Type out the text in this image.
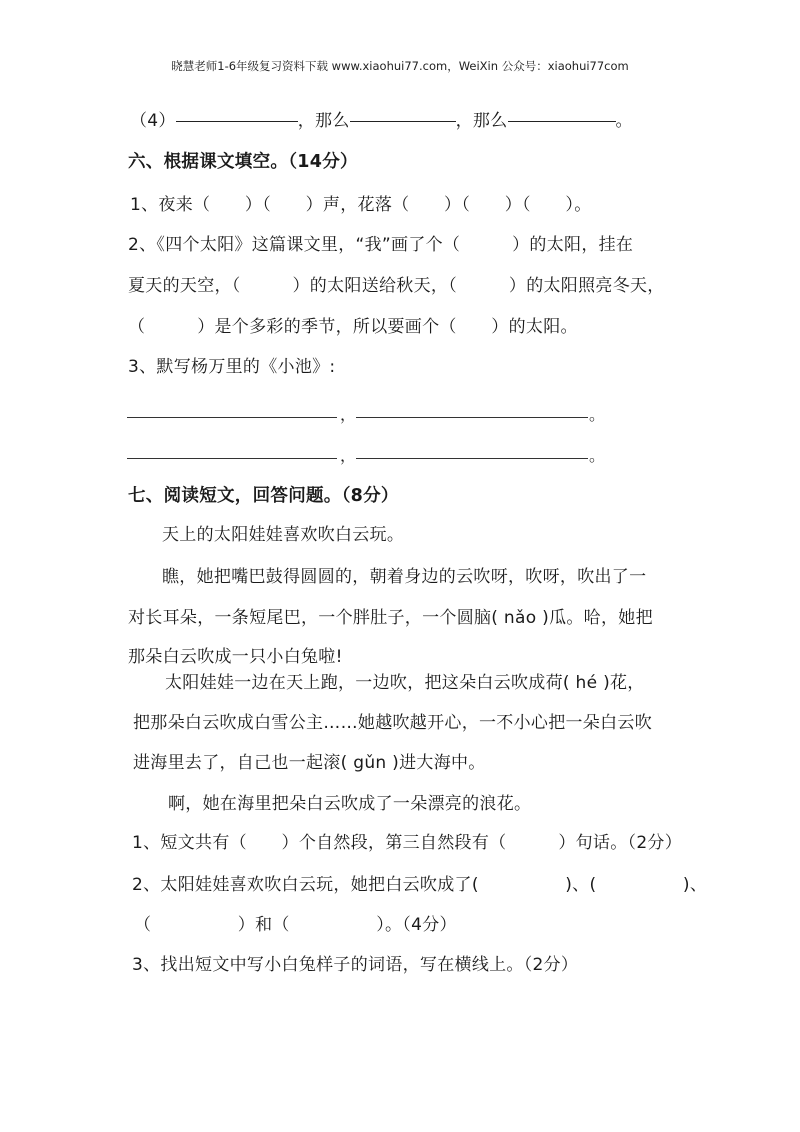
晓慧老师1-6年级复习资料下载 www.xiaohui77.com，WeiXin 公众号：xiaohui77com
（4）	，那么	，那么	。
六、根据课文填空。（14分）
1、夜来（　　）（　　）声，花落（　　）（　　）（　　）。
2、《四个太阳》这篇课文里，“我”画了个（　　　）的太阳，挂在
夏天的天空，（　　　）的太阳送给秋天，（　　　）的太阳照亮冬天，
（　　　）是个多彩的季节，所以要画个（　　）的太阳。
3、默写杨万里的《小池》:
，	。
，	。
七、阅读短文，回答问题。（8分）
天上的太阳娃娃喜欢吹白云玩。
瞧，她把嘴巴鼓得圆圆的，朝着身边的云吹呀，吹呀，吹出了一
对长耳朵，一条短尾巴，一个胖肚子，一个圆脑( nǎo )瓜。哈，她把
那朵白云吹成一只小白兔啦!
太阳娃娃一边在天上跑，一边吹，把这朵白云吹成荷( hé )花，
把那朵白云吹成白雪公主……她越吹越开心，一不小心把一朵白云吹
进海里去了，自己也一起滚( gǔn )进大海中。
啊，她在海里把朵白云吹成了一朵漂亮的浪花。
1、短文共有（　　）个自然段，第三自然段有（　　　）句话。（2分）
2、太阳娃娃喜欢吹白云玩，她把白云吹成了(　　　　　)、(　　　　　)、
（　　　　　）和（　　　　　）。（4分）
3、找出短文中写小白兔样子的词语，写在横线上。（2分）
